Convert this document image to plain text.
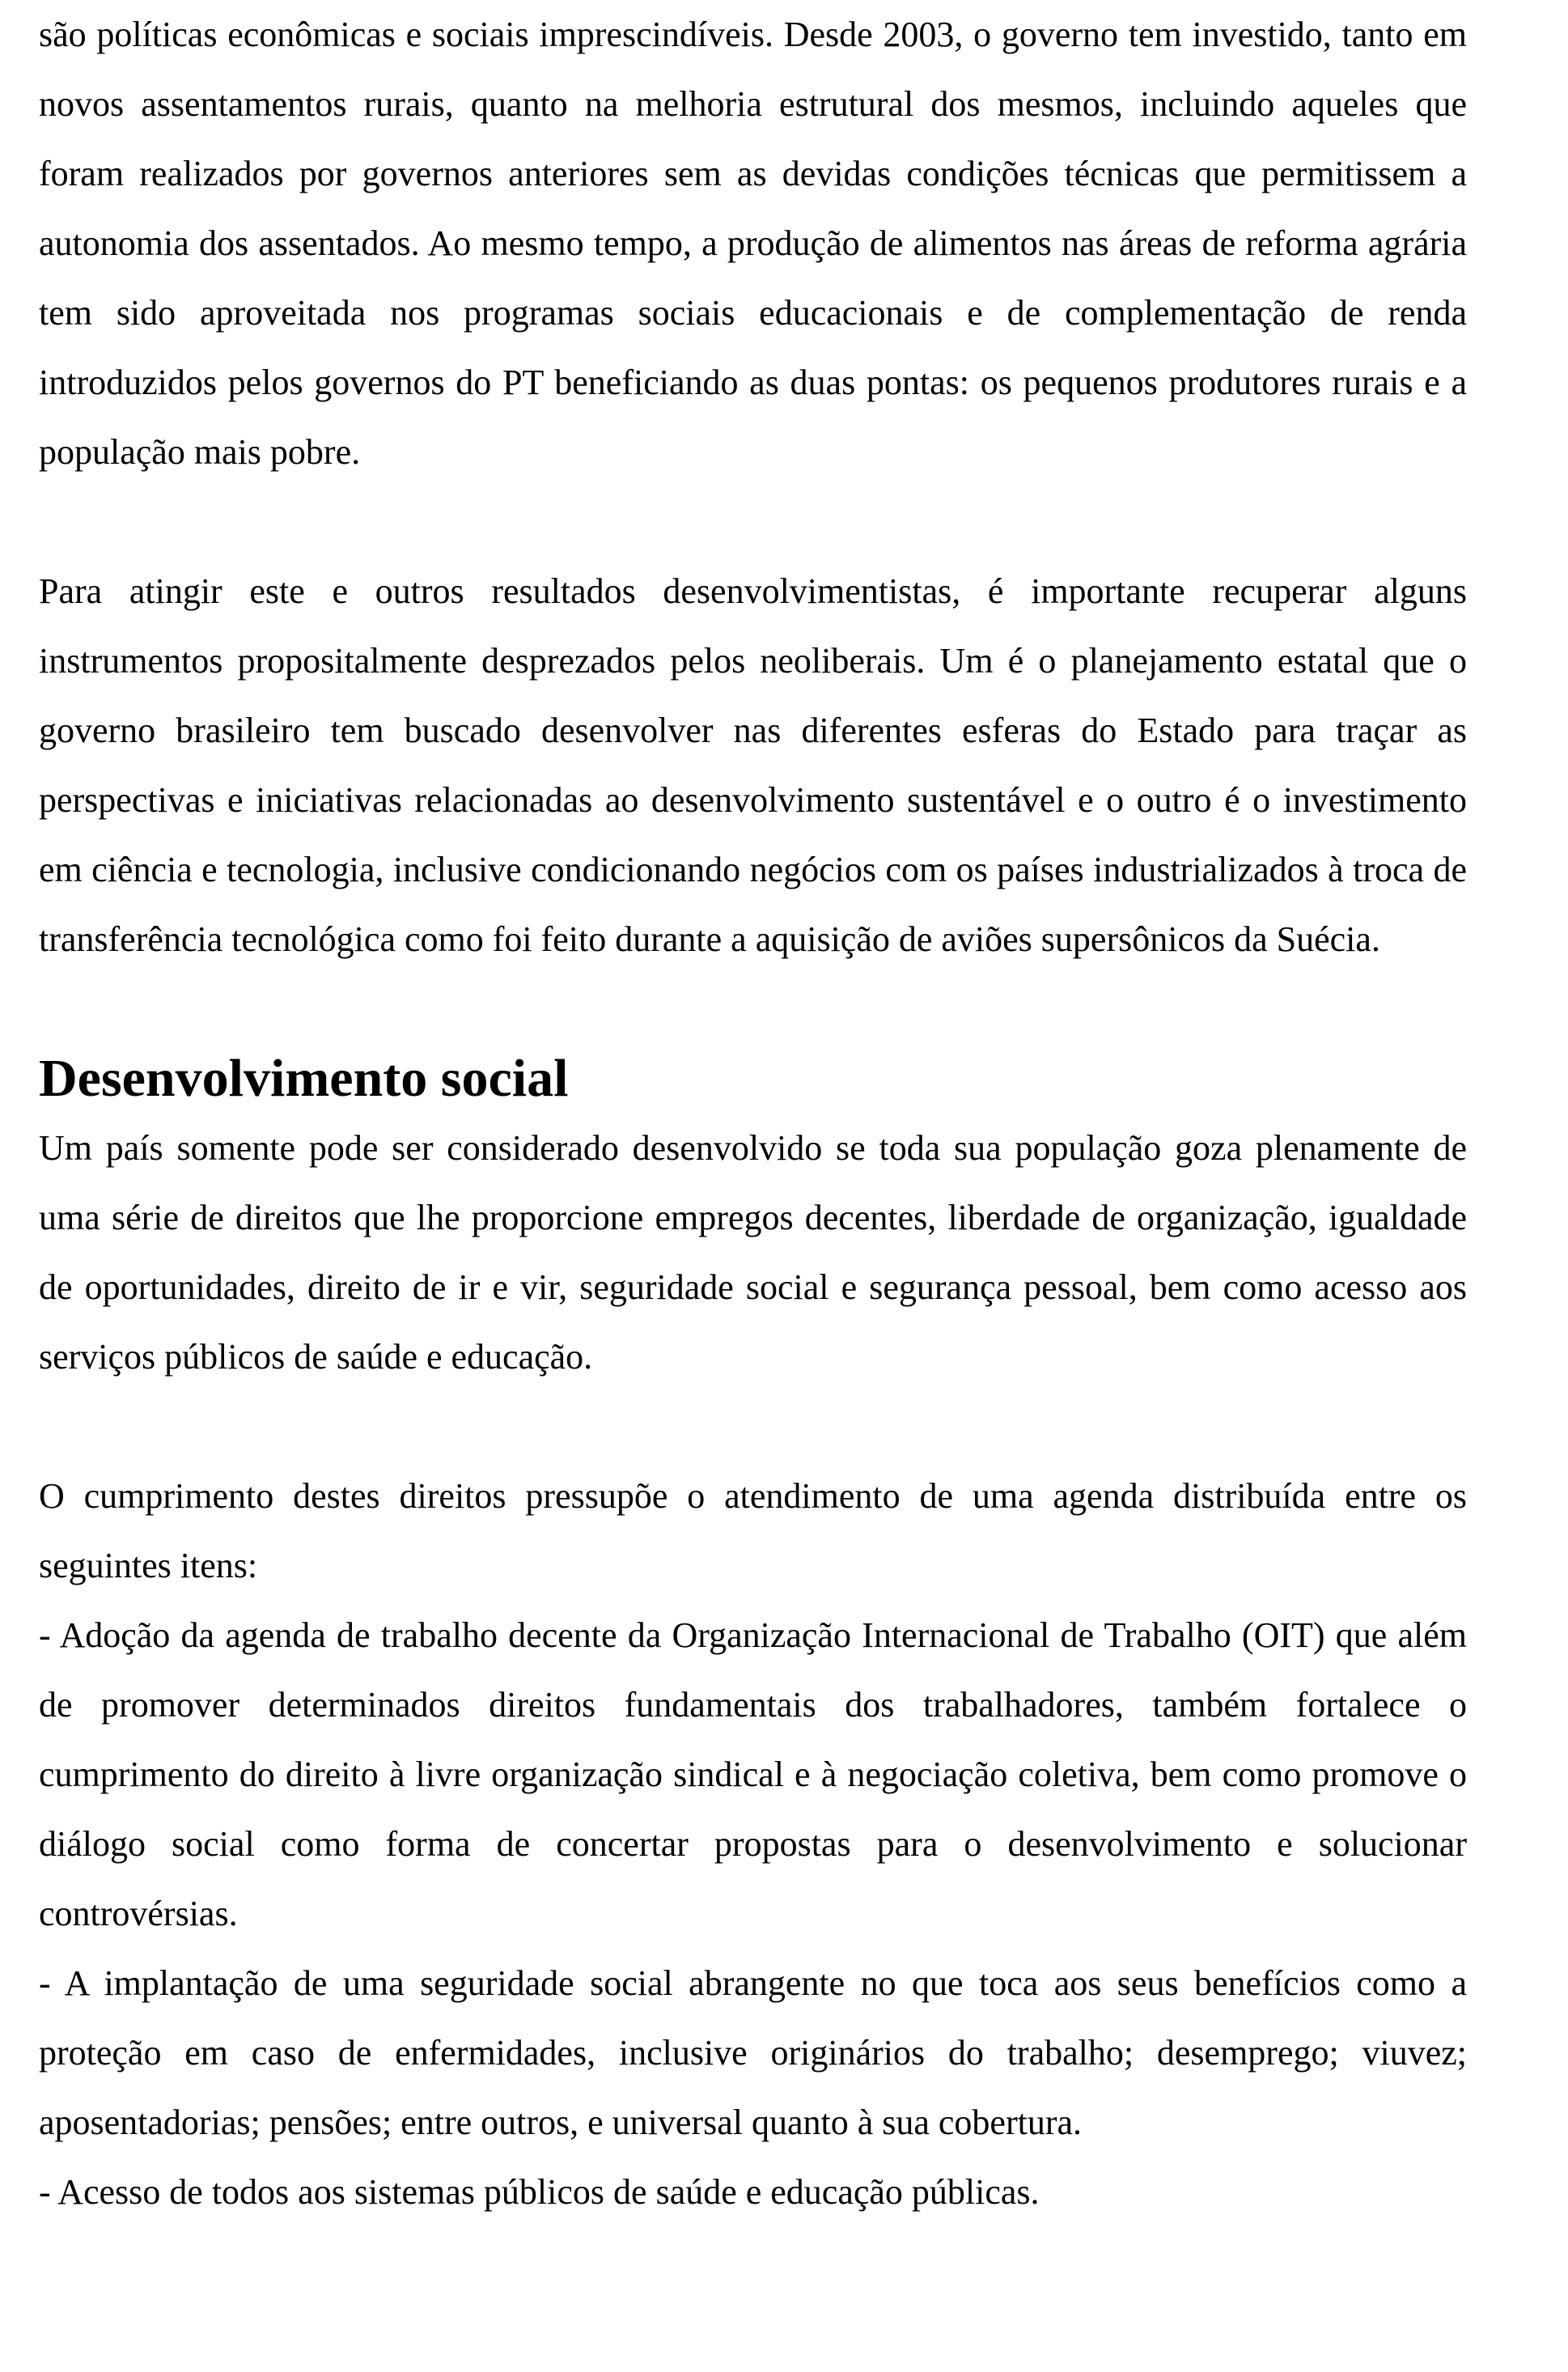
são políticas econômicas e sociais imprescindíveis. Desde 2003, o governo tem investido, tanto em novos assentamentos rurais, quanto na melhoria estrutural dos mesmos, incluindo aqueles que foram realizados por governos anteriores sem as devidas condições técnicas que permitissem a autonomia dos assentados. Ao mesmo tempo, a produção de alimentos nas áreas de reforma agrária tem sido aproveitada nos programas sociais educacionais e de complementação de renda introduzidos pelos governos do PT beneficiando as duas pontas: os pequenos produtores rurais e a população mais pobre.

Para atingir este e outros resultados desenvolvimentistas, é importante recuperar alguns instrumentos propositalmente desprezados pelos neoliberais. Um é o planejamento estatal que o governo brasileiro tem buscado desenvolver nas diferentes esferas do Estado para traçar as perspectivas e iniciativas relacionadas ao desenvolvimento sustentável e o outro é o investimento em ciência e tecnologia, inclusive condicionando negócios com os países industrializados à troca de transferência tecnológica como foi feito durante a aquisição de aviões supersônicos da Suécia.

Desenvolvimento social

Um país somente pode ser considerado desenvolvido se toda sua população goza plenamente de uma série de direitos que lhe proporcione empregos decentes, liberdade de organização, igualdade de oportunidades, direito de ir e vir, seguridade social e segurança pessoal, bem como acesso aos serviços públicos de saúde e educação.

O cumprimento destes direitos pressupõe o atendimento de uma agenda distribuída entre os seguintes itens:

- Adoção da agenda de trabalho decente da Organização Internacional de Trabalho (OIT) que além de promover determinados direitos fundamentais dos trabalhadores, também fortalece o cumprimento do direito à livre organização sindical e à negociação coletiva, bem como promove o diálogo social como forma de concertar propostas para o desenvolvimento e solucionar controvérsias.

- A implantação de uma seguridade social abrangente no que toca aos seus benefícios como a proteção em caso de enfermidades, inclusive originários do trabalho; desemprego; viuvez; aposentadorias; pensões; entre outros, e universal quanto à sua cobertura.

- Acesso de todos aos sistemas públicos de saúde e educação públicas.
